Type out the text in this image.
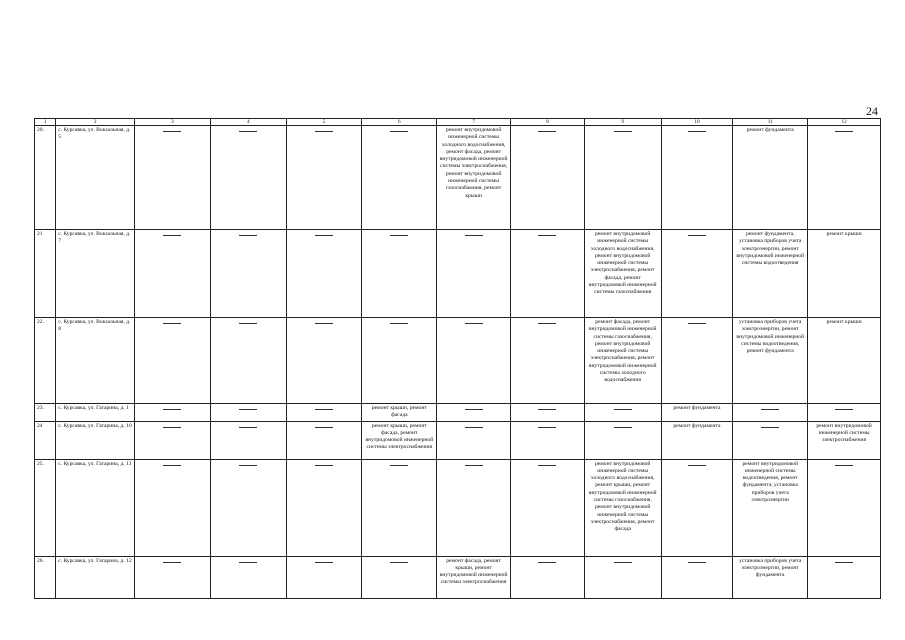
24
1	2	3	4	5	6	7	8	9	10	11	12
20.	с. Курсавка, ул. Вокзальная, д. 5					ремонт внутридомовой инженерной системы холодного водоснабжения, ремонт фасада, ремонт внутридомовой инженерной системы электроснабжения, ремонт внутридомовой инженерной системы газоснабжения, ремонт крыши				ремонт фундамента	

21	с. Курсавка, ул. Вокзальная, д. 7							ремонт внутридомовой инженерной системы холодного водоснабжения, ремонт внутридомовой инженерной системы электроснабжения, ремонт фасада, ремонт внутридомовой инженерной системы газоснабжения		ремонт фундамента, установка приборов учета электроэнергии, ремонт внутридомовой инженерной системы водоотведения	ремонт крыши
22.	с. Курсавка, ул. Вокзальная, д. 8							ремонт фасада, ремонт внутридомовой инженерной системы газоснабжения, ремонт внутридомовой инженерной системы электроснабжения, ремонт внутридомовой инженерной системы холодного водоснабжения		установка приборов учета электроэнергии, ремонт внутридомовой инженерной системы водоотведения, ремонт фундамента	ремонт крыши
23.	с. Курсавка, ул. Гагарина, д. 1				ремонт крыши, ремонт фасада				ремонт фундамента	

24	с. Курсавка, ул. Гагарина, д. 10				ремонт крыши, ремонт фасада, ремонт внутридомовой инженерной системы электроснабжения				ремонт фундамента		ремонт внутридомовой инженерной системы электроснабжения
25.	с. Курсавка, ул. Гагарина, д. 11							ремонт внутридомовой инженерной системы холодного водоснабжения, ремонт крыши, ремонт внутридомовой инженерной системы газоснабжения, ремонт внутридомовой инженерной системы электроснабжения, ремонт фасада		ремонт внутридомовой инженерной системы водоотведения, ремонт фундамента, установка приборов учета электроэнергии	

26.	с. Курсавка, ул. Гагарина, д. 12					ремонт фасада, ремонт крыши, ремонт внутридомовой инженерной системы электроснабжения				установка приборов учета электроэнергии, ремонт фундамента	
